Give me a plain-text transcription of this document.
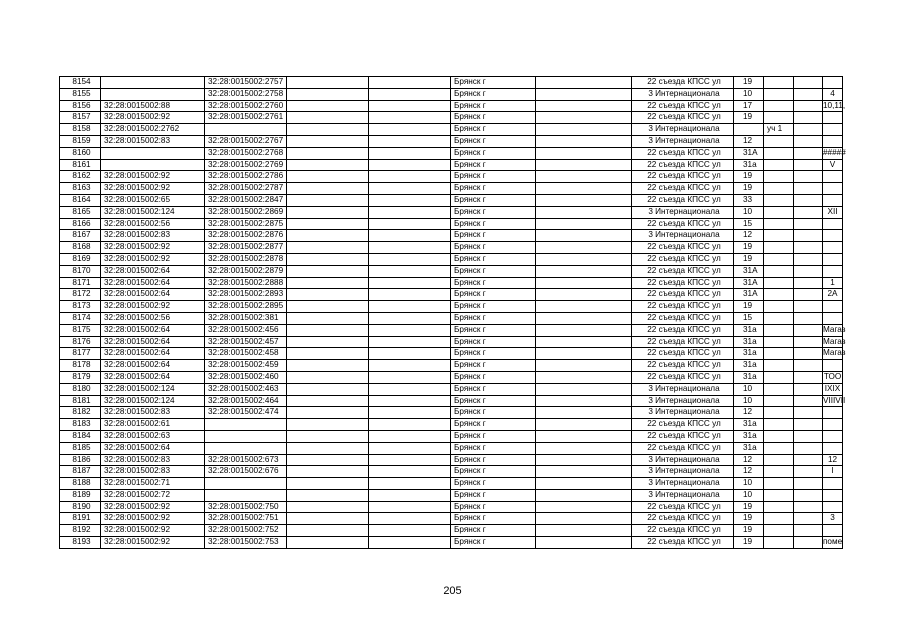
8154		32:28:0015002:2757			Брянск г		22 съезда КПСС ул	19			
8155		32:28:0015002:2758			Брянск г		3 Интернационала	10			4
8156	32:28:0015002:88	32:28:0015002:2760			Брянск г		22 съезда КПСС ул	17			10,11,
8157	32:28:0015002:92	32:28:0015002:2761			Брянск г		22 съезда КПСС ул	19			
8158	32:28:0015002:2762				Брянск г		3 Интернационала		уч 1		
8159	32:28:0015002:83	32:28:0015002:2767			Брянск г		3 Интернационала	12			
8160		32:28:0015002:2768			Брянск г		22 съезда КПСС ул	31А			#####
8161		32:28:0015002:2769			Брянск г		22 съезда КПСС ул	31а			V
8162	32:28:0015002:92	32:28:0015002:2786			Брянск г		22 съезда КПСС ул	19			
8163	32:28:0015002:92	32:28:0015002:2787			Брянск г		22 съезда КПСС ул	19			
8164	32:28:0015002:65	32:28:0015002:2847			Брянск г		22 съезда КПСС ул	33			
8165	32:28:0015002:124	32:28:0015002:2869			Брянск г		3 Интернационала	10			XII
8166	32:28:0015002:56	32:28:0015002:2875			Брянск г		22 съезда КПСС ул	15			
8167	32:28:0015002:83	32:28:0015002:2876			Брянск г		3 Интернационала	12			
8168	32:28:0015002:92	32:28:0015002:2877			Брянск г		22 съезда КПСС ул	19			
8169	32:28:0015002:92	32:28:0015002:2878			Брянск г		22 съезда КПСС ул	19			
8170	32:28:0015002:64	32:28:0015002:2879			Брянск г		22 съезда КПСС ул	31А			
8171	32:28:0015002:64	32:28:0015002:2888			Брянск г		22 съезда КПСС ул	31А			1
8172	32:28:0015002:64	32:28:0015002:2893			Брянск г		22 съезда КПСС ул	31А			2А
8173	32:28:0015002:92	32:28:0015002:2895			Брянск г		22 съезда КПСС ул	19			
8174	32:28:0015002:56	32:28:0015002:381			Брянск г		22 съезда КПСС ул	15			
8175	32:28:0015002:64	32:28:0015002:456			Брянск г		22 съезда КПСС ул	31а			Магаз
8176	32:28:0015002:64	32:28:0015002:457			Брянск г		22 съезда КПСС ул	31а			Магаз
8177	32:28:0015002:64	32:28:0015002:458			Брянск г		22 съезда КПСС ул	31а			Магаз
8178	32:28:0015002:64	32:28:0015002:459			Брянск г		22 съезда КПСС ул	31а			
8179	32:28:0015002:64	32:28:0015002:460			Брянск г		22 съезда КПСС ул	31а			ТОО
8180	32:28:0015002:124	32:28:0015002:463			Брянск г		3 Интернационала	10			IXIX
8181	32:28:0015002:124	32:28:0015002:464			Брянск г		3 Интернационала	10			VIIIVII
8182	32:28:0015002:83	32:28:0015002:474			Брянск г		3 Интернационала	12			
8183	32:28:0015002:61				Брянск г		22 съезда КПСС ул	31а			
8184	32:28:0015002:63				Брянск г		22 съезда КПСС ул	31а			
8185	32:28:0015002:64				Брянск г		22 съезда КПСС ул	31а			
8186	32:28:0015002:83	32:28:0015002:673			Брянск г		3 Интернационала	12			12
8187	32:28:0015002:83	32:28:0015002:676			Брянск г		3 Интернационала	12			I
8188	32:28:0015002:71				Брянск г		3 Интернационала	10			
8189	32:28:0015002:72				Брянск г		3 Интернационала	10			
8190	32:28:0015002:92	32:28:0015002:750			Брянск г		22 съезда КПСС ул	19			
8191	32:28:0015002:92	32:28:0015002:751			Брянск г		22 съезда КПСС ул	19			3
8192	32:28:0015002:92	32:28:0015002:752			Брянск г		22 съезда КПСС ул	19			
8193	32:28:0015002:92	32:28:0015002:753			Брянск г		22 съезда КПСС ул	19			поме
205
